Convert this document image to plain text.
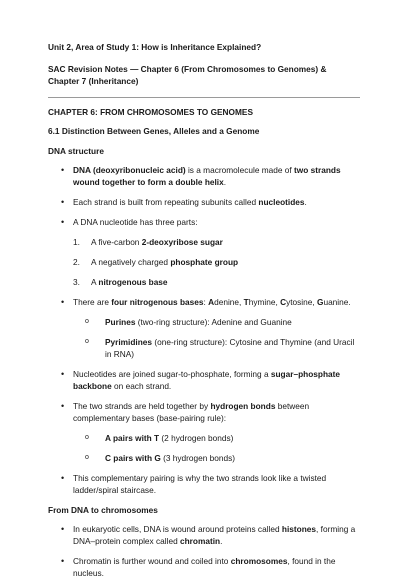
Unit 2, Area of Study 1: How is Inheritance Explained?

SAC Revision Notes — Chapter 6 (From Chromosomes to Genomes) &

Chapter 7 (Inheritance)

CHAPTER 6: FROM CHROMOSOMES TO GENOMES

6.1 Distinction Between Genes, Alleles and a Genome

DNA structure

• DNA (deoxyribonucleic acid) is a macromolecule made of two strands wound together to form a double helix.
• Each strand is built from repeating subunits called nucleotides.
• A DNA nucleotide has three parts:
1. A five-carbon 2-deoxyribose sugar
2. A negatively charged phosphate group
3. A nitrogenous base
• There are four nitrogenous bases: Adenine, Thymine, Cytosine, Guanine.
o Purines (two-ring structure): Adenine and Guanine
o Pyrimidines (one-ring structure): Cytosine and Thymine (and Uracil in RNA)
• Nucleotides are joined sugar-to-phosphate, forming a sugar–phosphate backbone on each strand.
• The two strands are held together by hydrogen bonds between complementary bases (base-pairing rule):
o A pairs with T (2 hydrogen bonds)
o C pairs with G (3 hydrogen bonds)
• This complementary pairing is why the two strands look like a twisted ladder/spiral staircase.

From DNA to chromosomes

• In eukaryotic cells, DNA is wound around proteins called histones, forming a DNA–protein complex called chromatin.
• Chromatin is further wound and coiled into chromosomes, found in the nucleus.
